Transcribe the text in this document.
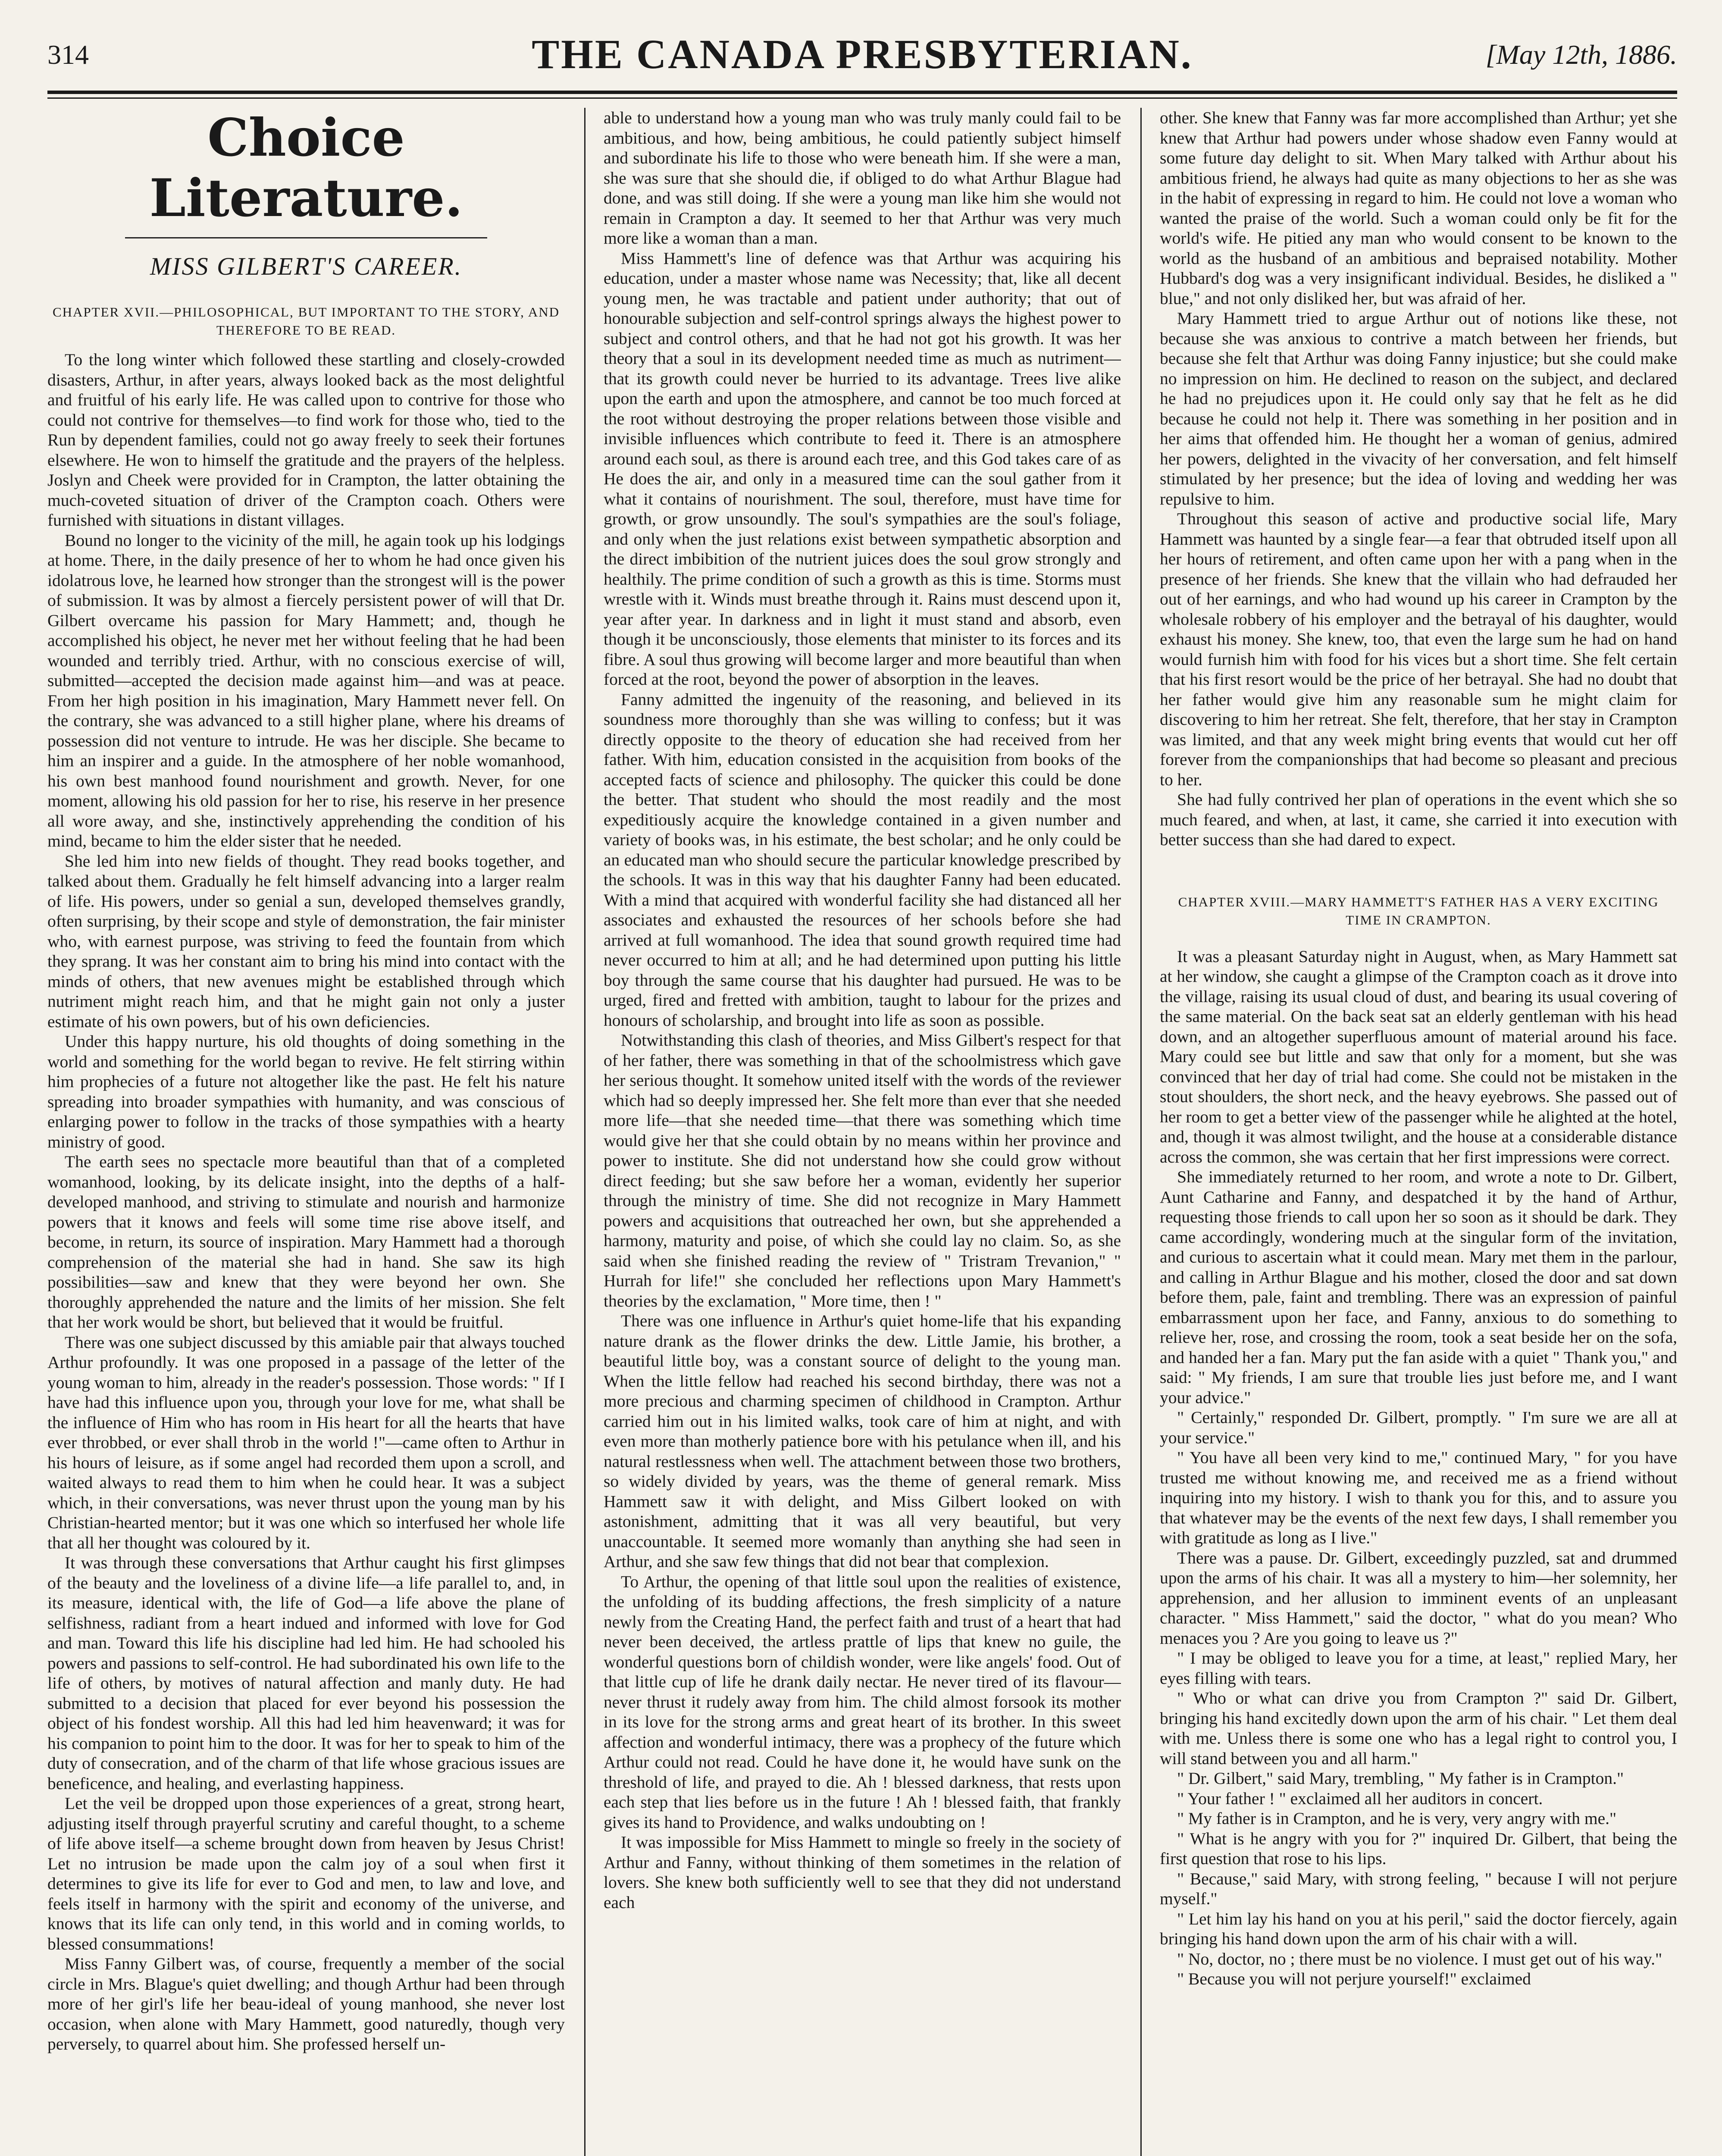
314	THE CANADA PRESBYTERIAN.	[May 12th, 1886.
Choice Literature.
MISS GILBERT'S CAREER.
CHAPTER XVII.—PHILOSOPHICAL, BUT IMPORTANT TO THE STORY, AND THEREFORE TO BE READ.

To the long winter which followed these startling and closely-crowded disasters, Arthur, in after years, always looked back as the most delightful and fruitful of his early life. He was called upon to contrive for those who could not contrive for themselves—to find work for those who, tied to the Run by dependent families, could not go away freely to seek their fortunes elsewhere. He won to himself the gratitude and the prayers of the helpless. Joslyn and Cheek were provided for in Crampton, the latter obtaining the much-coveted situation of driver of the Crampton coach. Others were furnished with situations in distant villages.

Bound no longer to the vicinity of the mill, he again took up his lodgings at home. There, in the daily presence of her to whom he had once given his idolatrous love, he learned how stronger than the strongest will is the power of submission. It was by almost a fiercely persistent power of will that Dr. Gilbert overcame his passion for Mary Hammett; and, though he accomplished his object, he never met her without feeling that he had been wounded and terribly tried. Arthur, with no conscious exercise of will, submitted—accepted the decision made against him—and was at peace. From her high position in his imagination, Mary Hammett never fell. On the contrary, she was advanced to a still higher plane, where his dreams of possession did not venture to intrude. He was her disciple. She became to him an inspirer and a guide. In the atmosphere of her noble womanhood, his own best manhood found nourishment and growth. Never, for one moment, allowing his old passion for her to rise, his reserve in her presence all wore away, and she, instinctively apprehending the condition of his mind, became to him the elder sister that he needed.

She led him into new fields of thought. They read books together, and talked about them. Gradually he felt himself advancing into a larger realm of life. His powers, under so genial a sun, developed themselves grandly, often surprising, by their scope and style of demonstration, the fair minister who, with earnest purpose, was striving to feed the fountain from which they sprang. It was her constant aim to bring his mind into contact with the minds of others, that new avenues might be established through which nutriment might reach him, and that he might gain not only a juster estimate of his own powers, but of his own deficiencies.

Under this happy nurture, his old thoughts of doing something in the world and something for the world began to revive. He felt stirring within him prophecies of a future not altogether like the past. He felt his nature spreading into broader sympathies with humanity, and was conscious of enlarging power to follow in the tracks of those sympathies with a hearty ministry of good.

The earth sees no spectacle more beautiful than that of a completed womanhood, looking, by its delicate insight, into the depths of a half-developed manhood, and striving to stimulate and nourish and harmonize powers that it knows and feels will some time rise above itself, and become, in return, its source of inspiration. Mary Hammett had a thorough comprehension of the material she had in hand. She saw its high possibilities—saw and knew that they were beyond her own. She thoroughly apprehended the nature and the limits of her mission. She felt that her work would be short, but believed that it would be fruitful.

There was one subject discussed by this amiable pair that always touched Arthur profoundly. It was one proposed in a passage of the letter of the young woman to him, already in the reader's possession. Those words: " If I have had this influence upon you, through your love for me, what shall be the influence of Him who has room in His heart for all the hearts that have ever throbbed, or ever shall throb in the world !"—came often to Arthur in his hours of leisure, as if some angel had recorded them upon a scroll, and waited always to read them to him when he could hear. It was a subject which, in their conversations, was never thrust upon the young man by his Christian-hearted mentor; but it was one which so interfused her whole life that all her thought was coloured by it.

It was through these conversations that Arthur caught his first glimpses of the beauty and the loveliness of a divine life—a life parallel to, and, in its measure, identical with, the life of God—a life above the plane of selfishness, radiant from a heart indued and informed with love for God and man. Toward this life his discipline had led him. He had schooled his powers and passions to self-control. He had subordinated his own life to the life of others, by motives of natural affection and manly duty. He had submitted to a decision that placed for ever beyond his possession the object of his fondest worship. All this had led him heavenward; it was for his companion to point him to the door. It was for her to speak to him of the duty of consecration, and of the charm of that life whose gracious issues are beneficence, and healing, and everlasting happiness.

Let the veil be dropped upon those experiences of a great, strong heart, adjusting itself through prayerful scrutiny and careful thought, to a scheme of life above itself—a scheme brought down from heaven by Jesus Christ! Let no intrusion be made upon the calm joy of a soul when first it determines to give its life for ever to God and men, to law and love, and feels itself in harmony with the spirit and economy of the universe, and knows that its life can only tend, in this world and in coming worlds, to blessed consummations!

Miss Fanny Gilbert was, of course, frequently a member of the social circle in Mrs. Blague's quiet dwelling; and though Arthur had been through more of her girl's life her beau-ideal of young manhood, she never lost occasion, when alone with Mary Hammett, good naturedly, though very perversely, to quarrel about him. She professed herself un-

able to understand how a young man who was truly manly could fail to be ambitious, and how, being ambitious, he could patiently subject himself and subordinate his life to those who were beneath him. If she were a man, she was sure that she should die, if obliged to do what Arthur Blague had done, and was still doing. If she were a young man like him she would not remain in Crampton a day. It seemed to her that Arthur was very much more like a woman than a man.

Miss Hammett's line of defence was that Arthur was acquiring his education, under a master whose name was Necessity; that, like all decent young men, he was tractable and patient under authority; that out of honourable subjection and self-control springs always the highest power to subject and control others, and that he had not got his growth. It was her theory that a soul in its development needed time as much as nutriment—that its growth could never be hurried to its advantage. Trees live alike upon the earth and upon the atmosphere, and cannot be too much forced at the root without destroying the proper relations between those visible and invisible influences which contribute to feed it. There is an atmosphere around each soul, as there is around each tree, and this God takes care of as He does the air, and only in a measured time can the soul gather from it what it contains of nourishment. The soul, therefore, must have time for growth, or grow unsoundly. The soul's sympathies are the soul's foliage, and only when the just relations exist between sympathetic absorption and the direct imbibition of the nutrient juices does the soul grow strongly and healthily. The prime condition of such a growth as this is time. Storms must wrestle with it. Winds must breathe through it. Rains must descend upon it, year after year. In darkness and in light it must stand and absorb, even though it be unconsciously, those elements that minister to its forces and its fibre. A soul thus growing will become larger and more beautiful than when forced at the root, beyond the power of absorption in the leaves.

Fanny admitted the ingenuity of the reasoning, and believed in its soundness more thoroughly than she was willing to confess; but it was directly opposite to the theory of education she had received from her father. With him, education consisted in the acquisition from books of the accepted facts of science and philosophy. The quicker this could be done the better. That student who should the most readily and the most expeditiously acquire the knowledge contained in a given number and variety of books was, in his estimate, the best scholar; and he only could be an educated man who should secure the particular knowledge prescribed by the schools. It was in this way that his daughter Fanny had been educated. With a mind that acquired with wonderful facility she had distanced all her associates and exhausted the resources of her schools before she had arrived at full womanhood. The idea that sound growth required time had never occurred to him at all; and he had determined upon putting his little boy through the same course that his daughter had pursued. He was to be urged, fired and fretted with ambition, taught to labour for the prizes and honours of scholarship, and brought into life as soon as possible.

Notwithstanding this clash of theories, and Miss Gilbert's respect for that of her father, there was something in that of the schoolmistress which gave her serious thought. It somehow united itself with the words of the reviewer which had so deeply impressed her. She felt more than ever that she needed more life—that she needed time—that there was something which time would give her that she could obtain by no means within her province and power to institute. She did not understand how she could grow without direct feeding; but she saw before her a woman, evidently her superior through the ministry of time. She did not recognize in Mary Hammett powers and acquisitions that outreached her own, but she apprehended a harmony, maturity and poise, of which she could lay no claim. So, as she said when she finished reading the review of " Tristram Trevanion," " Hurrah for life!" she concluded her reflections upon Mary Hammett's theories by the exclamation, " More time, then ! "

There was one influence in Arthur's quiet home-life that his expanding nature drank as the flower drinks the dew. Little Jamie, his brother, a beautiful little boy, was a constant source of delight to the young man. When the little fellow had reached his second birthday, there was not a more precious and charming specimen of childhood in Crampton. Arthur carried him out in his limited walks, took care of him at night, and with even more than motherly patience bore with his petulance when ill, and his natural restlessness when well. The attachment between those two brothers, so widely divided by years, was the theme of general remark. Miss Hammett saw it with delight, and Miss Gilbert looked on with astonishment, admitting that it was all very beautiful, but very unaccountable. It seemed more womanly than anything she had seen in Arthur, and she saw few things that did not bear that complexion.

To Arthur, the opening of that little soul upon the realities of existence, the unfolding of its budding affections, the fresh simplicity of a nature newly from the Creating Hand, the perfect faith and trust of a heart that had never been deceived, the artless prattle of lips that knew no guile, the wonderful questions born of childish wonder, were like angels' food. Out of that little cup of life he drank daily nectar. He never tired of its flavour—never thrust it rudely away from him. The child almost forsook its mother in its love for the strong arms and great heart of its brother. In this sweet affection and wonderful intimacy, there was a prophecy of the future which Arthur could not read. Could he have done it, he would have sunk on the threshold of life, and prayed to die. Ah ! blessed darkness, that rests upon each step that lies before us in the future ! Ah ! blessed faith, that frankly gives its hand to Providence, and walks undoubting on !

It was impossible for Miss Hammett to mingle so freely in the society of Arthur and Fanny, without thinking of them sometimes in the relation of lovers. She knew both sufficiently well to see that they did not understand each

other. She knew that Fanny was far more accomplished than Arthur; yet she knew that Arthur had powers under whose shadow even Fanny would at some future day delight to sit. When Mary talked with Arthur about his ambitious friend, he always had quite as many objections to her as she was in the habit of expressing in regard to him. He could not love a woman who wanted the praise of the world. Such a woman could only be fit for the world's wife. He pitied any man who would consent to be known to the world as the husband of an ambitious and bepraised notability. Mother Hubbard's dog was a very insignificant individual. Besides, he disliked a " blue," and not only disliked her, but was afraid of her.

Mary Hammett tried to argue Arthur out of notions like these, not because she was anxious to contrive a match between her friends, but because she felt that Arthur was doing Fanny injustice; but she could make no impression on him. He declined to reason on the subject, and declared he had no prejudices upon it. He could only say that he felt as he did because he could not help it. There was something in her position and in her aims that offended him. He thought her a woman of genius, admired her powers, delighted in the vivacity of her conversation, and felt himself stimulated by her presence; but the idea of loving and wedding her was repulsive to him.

Throughout this season of active and productive social life, Mary Hammett was haunted by a single fear—a fear that obtruded itself upon all her hours of retirement, and often came upon her with a pang when in the presence of her friends. She knew that the villain who had defrauded her out of her earnings, and who had wound up his career in Crampton by the wholesale robbery of his employer and the betrayal of his daughter, would exhaust his money. She knew, too, that even the large sum he had on hand would furnish him with food for his vices but a short time. She felt certain that his first resort would be the price of her betrayal. She had no doubt that her father would give him any reasonable sum he might claim for discovering to him her retreat. She felt, therefore, that her stay in Crampton was limited, and that any week might bring events that would cut her off forever from the companionships that had become so pleasant and precious to her.

She had fully contrived her plan of operations in the event which she so much feared, and when, at last, it came, she carried it into execution with better success than she had dared to expect.

CHAPTER XVIII.—MARY HAMMETT'S FATHER HAS A VERY EXCITING TIME IN CRAMPTON.

It was a pleasant Saturday night in August, when, as Mary Hammett sat at her window, she caught a glimpse of the Crampton coach as it drove into the village, raising its usual cloud of dust, and bearing its usual covering of the same material. On the back seat sat an elderly gentleman with his head down, and an altogether superfluous amount of material around his face. Mary could see but little and saw that only for a moment, but she was convinced that her day of trial had come. She could not be mistaken in the stout shoulders, the short neck, and the heavy eyebrows. She passed out of her room to get a better view of the passenger while he alighted at the hotel, and, though it was almost twilight, and the house at a considerable distance across the common, she was certain that her first impressions were correct.

She immediately returned to her room, and wrote a note to Dr. Gilbert, Aunt Catharine and Fanny, and despatched it by the hand of Arthur, requesting those friends to call upon her so soon as it should be dark. They came accordingly, wondering much at the singular form of the invitation, and curious to ascertain what it could mean. Mary met them in the parlour, and calling in Arthur Blague and his mother, closed the door and sat down before them, pale, faint and trembling. There was an expression of painful embarrassment upon her face, and Fanny, anxious to do something to relieve her, rose, and crossing the room, took a seat beside her on the sofa, and handed her a fan. Mary put the fan aside with a quiet " Thank you," and said: " My friends, I am sure that trouble lies just before me, and I want your advice."

" Certainly," responded Dr. Gilbert, promptly. " I'm sure we are all at your service."

" You have all been very kind to me," continued Mary, " for you have trusted me without knowing me, and received me as a friend without inquiring into my history. I wish to thank you for this, and to assure you that whatever may be the events of the next few days, I shall remember you with gratitude as long as I live."

There was a pause. Dr. Gilbert, exceedingly puzzled, sat and drummed upon the arms of his chair. It was all a mystery to him—her solemnity, her apprehension, and her allusion to imminent events of an unpleasant character. " Miss Hammett," said the doctor, " what do you mean? Who menaces you ? Are you going to leave us ?"

" I may be obliged to leave you for a time, at least," replied Mary, her eyes filling with tears.

" Who or what can drive you from Crampton ?" said Dr. Gilbert, bringing his hand excitedly down upon the arm of his chair. " Let them deal with me. Unless there is some one who has a legal right to control you, I will stand between you and all harm."

" Dr. Gilbert," said Mary, trembling, " My father is in Crampton."

" Your father ! " exclaimed all her auditors in concert.

" My father is in Crampton, and he is very, very angry with me."

" What is he angry with you for ?" inquired Dr. Gilbert, that being the first question that rose to his lips.

" Because," said Mary, with strong feeling, " because I will not perjure myself."

" Let him lay his hand on you at his peril," said the doctor fiercely, again bringing his hand down upon the arm of his chair with a will.

" No, doctor, no ; there must be no violence. I must get out of his way."

" Because you will not perjure yourself!" exclaimed
